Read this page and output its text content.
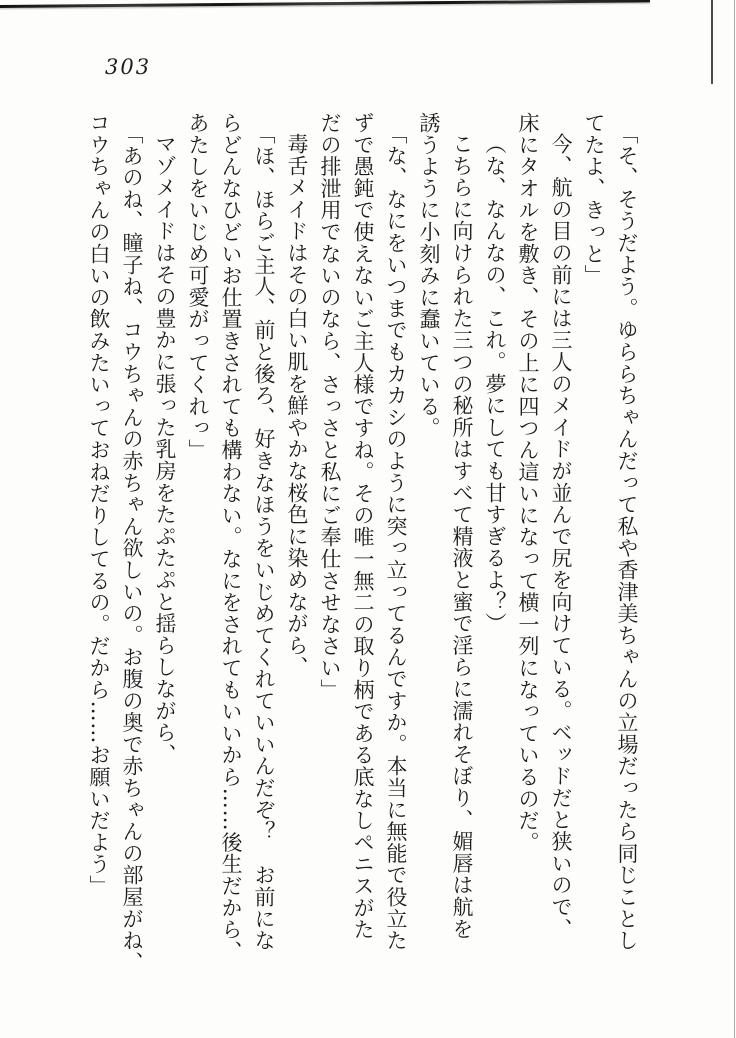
303
「そ、そうだよう。ゆららちゃんだって私や香津美ちゃんの立場だったら同じことし
てたよ、きっと」
今、航の目の前には三人のメイドが並んで尻を向けている。ベッドだと狭いので、
床にタオルを敷き、その上に四つん這いになって横一列になっているのだ。
（な、なんなの、これ。夢にしても甘すぎるよ？）
こちらに向けられた三つの秘所はすべて精液と蜜で淫らに濡れそぼり、媚唇は航を
誘うように小刻みに蠢いている。
「な、なにをいつまでもカカシのように突っ立ってるんですか。本当に無能で役立た
ずで愚鈍で使えないご主人様ですね。その唯一無二の取り柄である底なしペニスがた
だの排泄用でないのなら、さっさと私にご奉仕させなさい」
毒舌メイドはその白い肌を鮮やかな桜色に染めながら、
「ほ、ほらご主人、前と後ろ、好きなほうをいじめてくれていいんだぞ？　お前にな
らどんなひどいお仕置きされても構わない。なにをされてもいいから……後生だから、
あたしをいじめ可愛がってくれっ」
マゾメイドはその豊かに張った乳房をたぷたぷと揺らしながら、
「あのね、瞳子ね、コウちゃんの赤ちゃん欲しいの。お腹の奥で赤ちゃんの部屋がね、
コウちゃんの白いの飲みたいっておねだりしてるの。だから……お願いだよう」
